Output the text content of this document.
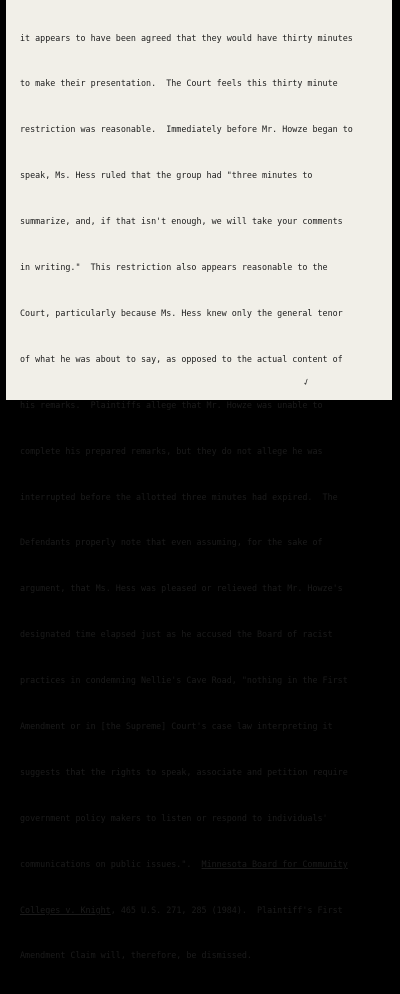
it appears to have been agreed that they would have thirty minutes

to make their presentation.  The Court feels this thirty minute

restriction was reasonable.  Immediately before Mr. Howze began to

speak, Ms. Hess ruled that the group had "three minutes to

summarize, and, if that isn't enough, we will take your comments

in writing."  This restriction also appears reasonable to the

Court, particularly because Ms. Hess knew only the general tenor

of what he was about to say, as opposed to the actual content of

his remarks.  Plaintiffs allege that Mr. Howze was unable to

complete his prepared remarks, but they do not allege he was

interrupted before the allotted three minutes had expired.  The

Defendants properly note that even assuming, for the sake of

argument, that Ms. Hess was pleased or relieved that Mr. Howze's

designated time elapsed just as he accused the Board of racist

practices in condemning Nellie's Cave Road, "nothing in the First

Amendment or in [the Supreme] Court's case law interpreting it

suggests that the rights to speak, associate and petition require

government policy makers to listen or respond to individuals'

communications on public issues.".  Minnesota Board for Community

Colleges v. Knight, 465 U.S. 271, 285 (1984).  Plaintiff's First

Amendment Claim will, therefore, be dismissed.

✓
